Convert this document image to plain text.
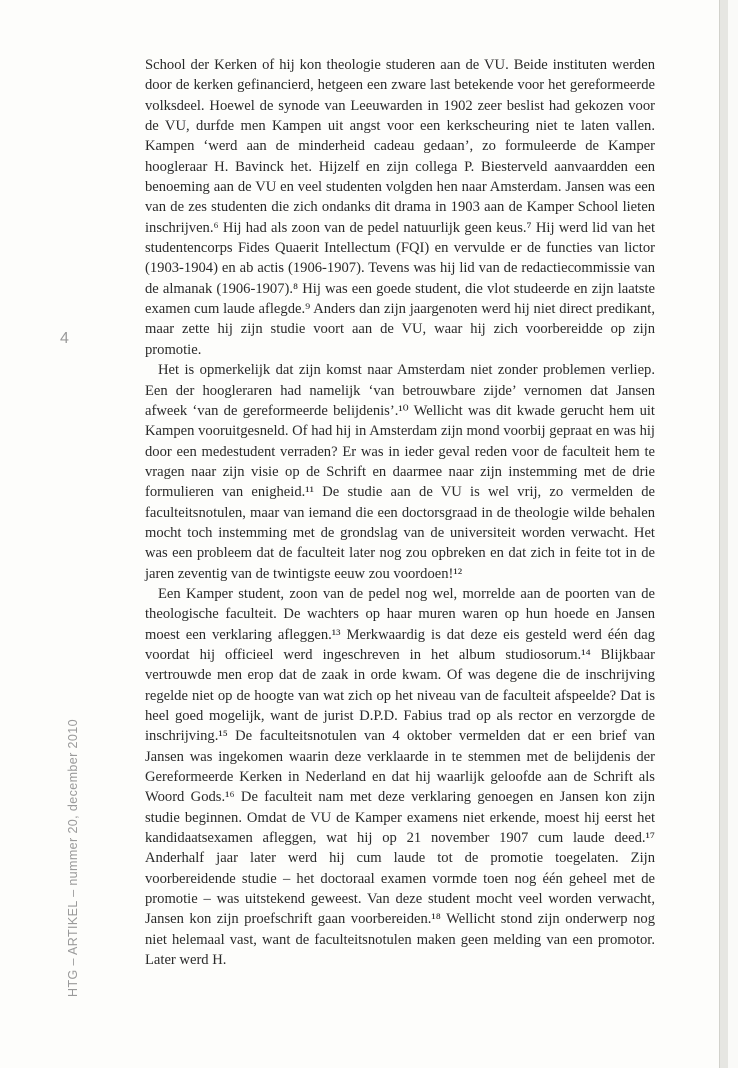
4
HTG – ARTIKEL – nummer 20, december 2010

School der Kerken of hij kon theologie studeren aan de VU. Beide instituten werden door de kerken gefinancierd, hetgeen een zware last betekende voor het gereformeerde volksdeel. Hoewel de synode van Leeuwarden in 1902 zeer beslist had gekozen voor de VU, durfde men Kampen uit angst voor een kerkscheuring niet te laten vallen. Kampen ‘werd aan de minderheid cadeau gedaan’, zo formuleerde de Kamper hoogleraar H. Bavinck het. Hijzelf en zijn collega P. Biesterveld aanvaardden een benoeming aan de VU en veel studenten volgden hen naar Amsterdam. Jansen was een van de zes studenten die zich ondanks dit drama in 1903 aan de Kamper School lieten inschrijven.⁶ Hij had als zoon van de pedel natuurlijk geen keus.⁷ Hij werd lid van het studentencorps Fides Quaerit Intellectum (FQI) en vervulde er de functies van lictor (1903-1904) en ab actis (1906-1907). Tevens was hij lid van de redactiecommissie van de almanak (1906-1907).⁸ Hij was een goede student, die vlot studeerde en zijn laatste examen cum laude aflegde.⁹ Anders dan zijn jaargenoten werd hij niet direct predikant, maar zette hij zijn studie voort aan de VU, waar hij zich voorbereidde op zijn promotie.

Het is opmerkelijk dat zijn komst naar Amsterdam niet zonder problemen verliep. Een der hoogleraren had namelijk ‘van betrouwbare zijde’ vernomen dat Jansen afweek ‘van de gereformeerde belijdenis’.¹⁰ Wellicht was dit kwade gerucht hem uit Kampen vooruitgesneld. Of had hij in Amsterdam zijn mond voorbij gepraat en was hij door een medestudent verraden? Er was in ieder geval reden voor de faculteit hem te vragen naar zijn visie op de Schrift en daarmee naar zijn instemming met de drie formulieren van enigheid.¹¹ De studie aan de VU is wel vrij, zo vermelden de faculteitsnotulen, maar van iemand die een doctorsgraad in de theologie wilde behalen mocht toch instemming met de grondslag van de universiteit worden verwacht. Het was een probleem dat de faculteit later nog zou opbreken en dat zich in feite tot in de jaren zeventig van de twintigste eeuw zou voordoen!¹²

Een Kamper student, zoon van de pedel nog wel, morrelde aan de poorten van de theologische faculteit. De wachters op haar muren waren op hun hoede en Jansen moest een verklaring afleggen.¹³ Merkwaardig is dat deze eis gesteld werd één dag voordat hij officieel werd ingeschreven in het album studiosorum.¹⁴ Blijkbaar vertrouwde men erop dat de zaak in orde kwam. Of was degene die de inschrijving regelde niet op de hoogte van wat zich op het niveau van de faculteit afspeelde? Dat is heel goed mogelijk, want de jurist D.P.D. Fabius trad op als rector en verzorgde de inschrijving.¹⁵ De faculteitsnotulen van 4 oktober vermelden dat er een brief van Jansen was ingekomen waarin deze verklaarde in te stemmen met de belijdenis der Gereformeerde Kerken in Nederland en dat hij waarlijk geloofde aan de Schrift als Woord Gods.¹⁶ De faculteit nam met deze verklaring genoegen en Jansen kon zijn studie beginnen. Omdat de VU de Kamper examens niet erkende, moest hij eerst het kandidaatsexamen afleggen, wat hij op 21 november 1907 cum laude deed.¹⁷ Anderhalf jaar later werd hij cum laude tot de promotie toegelaten. Zijn voorbereidende studie – het doctoraal examen vormde toen nog één geheel met de promotie – was uitstekend geweest. Van deze student mocht veel worden verwacht, Jansen kon zijn proefschrift gaan voorbereiden.¹⁸ Wellicht stond zijn onderwerp nog niet helemaal vast, want de faculteitsnotulen maken geen melding van een promotor. Later werd H.
